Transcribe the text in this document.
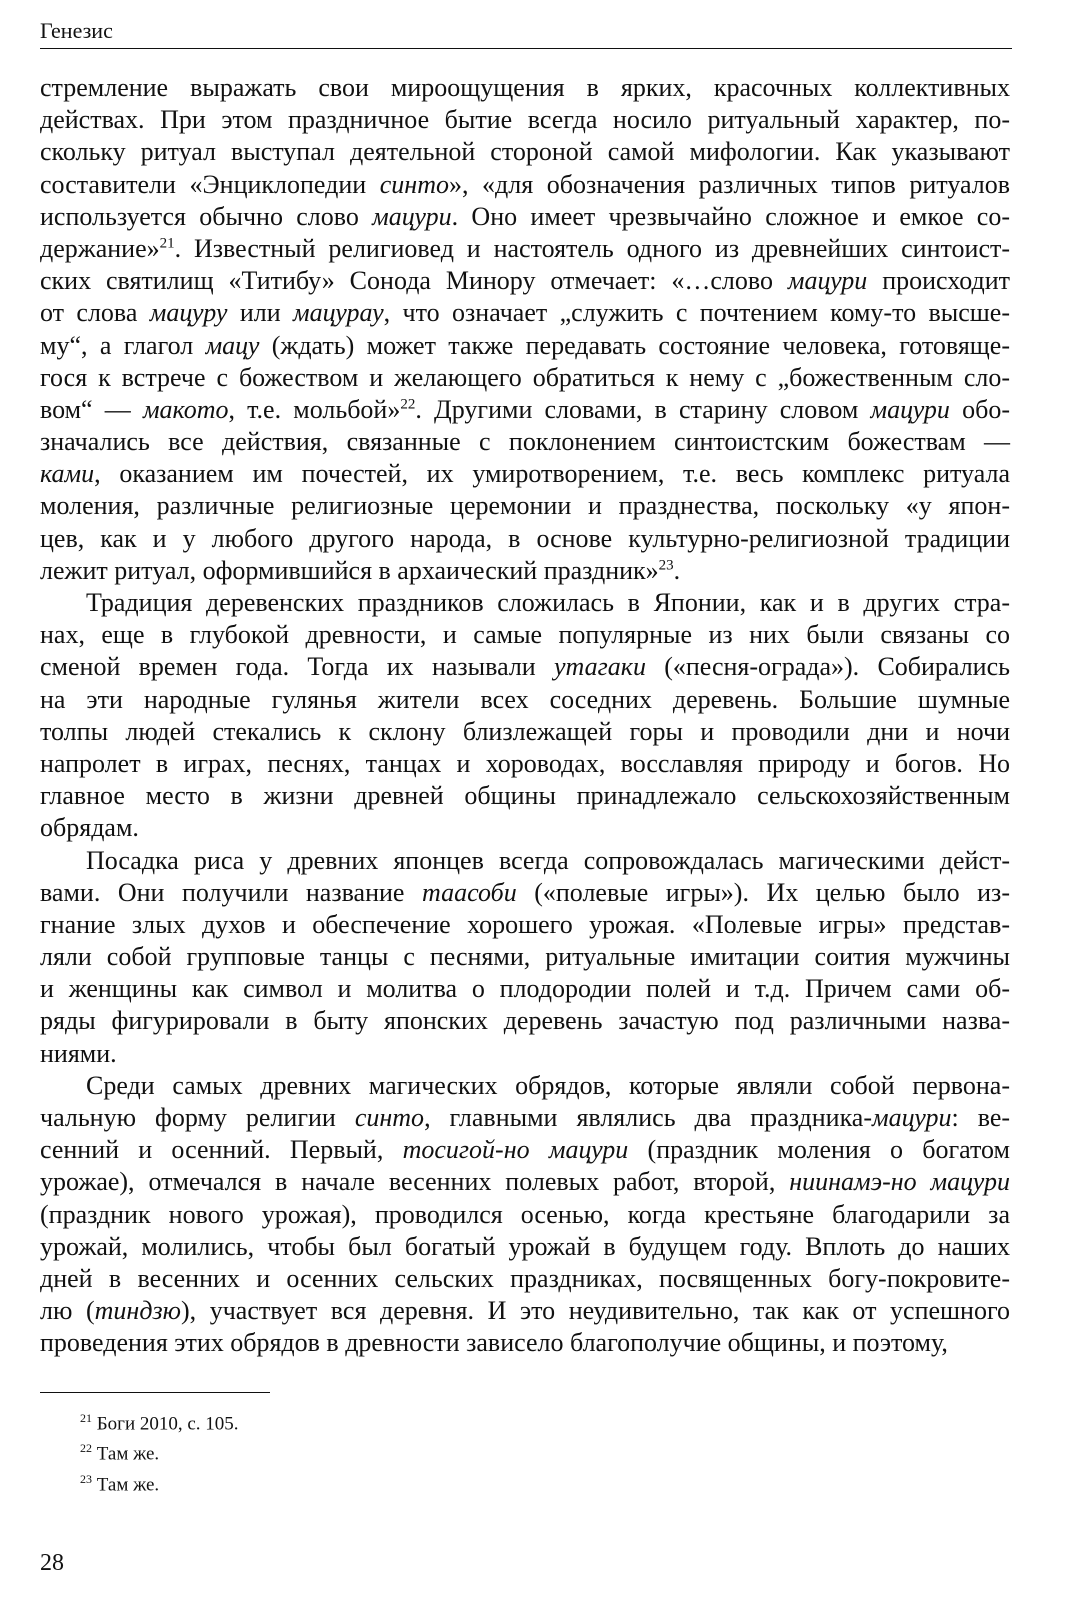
Генезис
стремление выражать свои мироощущения в ярких, красочных коллективных
действах. При этом праздничное бытие всегда носило ритуальный характер, по-
скольку ритуал выступал деятельной стороной самой мифологии. Как указывают
составители «Энциклопедии синто», «для обозначения различных типов ритуалов
используется обычно слово мацури. Оно имеет чрезвычайно сложное и емкое со-
держание»$^{21}$. Известный религиовед и настоятель одного из древнейших синтоист-
ских святилищ «Титибу» Сонода Минору отмечает: «…слово мацури происходит
от слова мацуру или мацурау, что означает „служить с почтением кому-то высше-
му“, а глагол мацу (ждать) может также передавать состояние человека, готовяще-
гося к встрече с божеством и желающего обратиться к нему с „божественным сло-
вом“ — макото, т.е. мольбой»$^{22}$. Другими словами, в старину словом мацури обо-
значались все действия, связанные с поклонением синтоистским божествам —
ками, оказанием им почестей, их умиротворением, т.е. весь комплекс ритуала
моления, различные религиозные церемонии и празднества, поскольку «у япон-
цев, как и у любого другого народа, в основе культурно-религиозной традиции
лежит ритуал, оформившийся в архаический праздник»$^{23}$.
Традиция деревенских праздников сложилась в Японии, как и в других стра-
нах, еще в глубокой древности, и самые популярные из них были связаны со
сменой времен года. Тогда их называли утагаки («песня-ограда»). Собирались
на эти народные гулянья жители всех соседних деревень. Большие шумные
толпы людей стекались к склону близлежащей горы и проводили дни и ночи
напролет в играх, песнях, танцах и хороводах, восславляя природу и богов. Но
главное место в жизни древней общины принадлежало сельскохозяйственным
обрядам.
Посадка риса у древних японцев всегда сопровождалась магическими дейст-
вами. Они получили название таасоби («полевые игры»). Их целью было из-
гнание злых духов и обеспечение хорошего урожая. «Полевые игры» представ-
ляли собой групповые танцы с песнями, ритуальные имитации соития мужчины
и женщины как символ и молитва о плодородии полей и т.д. Причем сами об-
ряды фигурировали в быту японских деревень зачастую под различными назва-
ниями.
Среди самых древних магических обрядов, которые являли собой первона-
чальную форму религии синто, главными являлись два праздника-мацури: ве-
сенний и осенний. Первый, тосигой-но мацури (праздник моления о богатом
урожае), отмечался в начале весенних полевых работ, второй, ниинамэ-но мацури
(праздник нового урожая), проводился осенью, когда крестьяне благодарили за
урожай, молились, чтобы был богатый урожай в будущем году. Вплоть до наших
дней в весенних и осенних сельских праздниках, посвященных богу-покровите-
лю (тиндзю), участвует вся деревня. И это неудивительно, так как от успешного
проведения этих обрядов в древности зависело благополучие общины, и поэтому,
$^{21}$ Боги 2010, с. 105.
$^{22}$ Там же.
$^{23}$ Там же.
28
